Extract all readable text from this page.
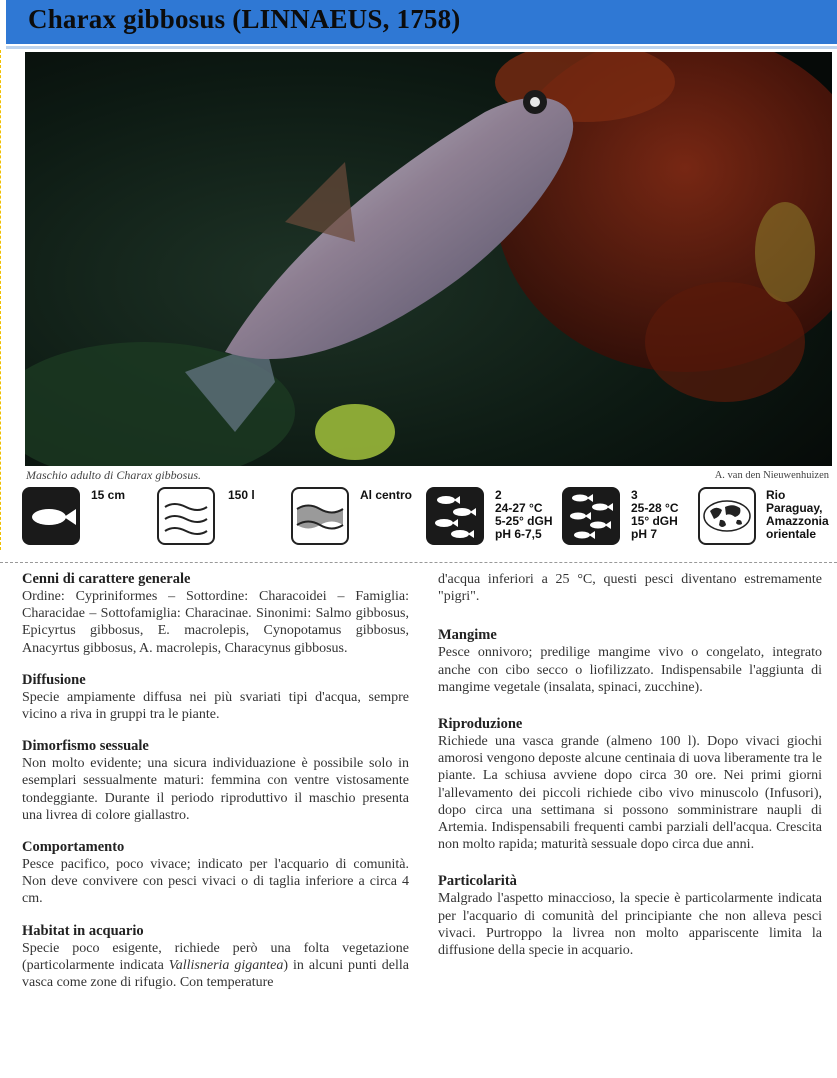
Charax gibbosus (LINNAEUS, 1758)
Maschio adulto di Charax gibbosus.	A. van den Nieuwenhuizen
15 cm	150 l	Al centro	2
24-27 °C
5-25° dGH
pH 6-7,5
3
25-28 °C
15° dGH
pH 7
Rio
Paraguay,
Amazzonia
orientale
Cenni di carattere generale

Ordine: Cypriniformes – Sottordine: Characoidei – Famiglia: Characidae – Sottofamiglia: Characinae. Sinonimi: Salmo gibbosus, Epicyrtus gibbosus, E. macrolepis, Cynopotamus gibbosus, Anacyrtus gibbosus, A. macrolepis, Characynus gibbosus.

Diffusione

Specie ampiamente diffusa nei più svariati tipi d'acqua, sempre vicino a riva in gruppi tra le piante.

Dimorfismo sessuale

Non molto evidente; una sicura individuazione è possibile solo in esemplari sessualmente maturi: femmina con ventre vistosamente tondeggiante. Durante il periodo riproduttivo il maschio presenta una livrea di colore giallastro.

Comportamento

Pesce pacifico, poco vivace; indicato per l'acquario di comunità. Non deve convivere con pesci vivaci o di taglia inferiore a circa 4 cm.

Habitat in acquario

Specie poco esigente, richiede però una folta vegetazione (particolarmente indicata Vallisneria gigantea) in alcuni punti della vasca come zone di rifugio. Con temperature

d'acqua inferiori a 25 °C, questi pesci diventano estremamente "pigri".

Mangime

Pesce onnivoro; predilige mangime vivo o congelato, integrato anche con cibo secco o liofilizzato. Indispensabile l'aggiunta di mangime vegetale (insalata, spinaci, zucchine).

Riproduzione

Richiede una vasca grande (almeno 100 l). Dopo vivaci giochi amorosi vengono deposte alcune centinaia di uova liberamente tra le piante. La schiusa avviene dopo circa 30 ore. Nei primi giorni l'allevamento dei piccoli richiede cibo vivo minuscolo (Infusori), dopo circa una settimana si possono somministrare naupli di Artemia. Indispensabili frequenti cambi parziali dell'acqua. Crescita non molto rapida; maturità sessuale dopo circa due anni.

Particolarità

Malgrado l'aspetto minaccioso, la specie è particolarmente indicata per l'acquario di comunità del principiante che non alleva pesci vivaci. Purtroppo la livrea non molto appariscente limita la diffusione della specie in acquario.
